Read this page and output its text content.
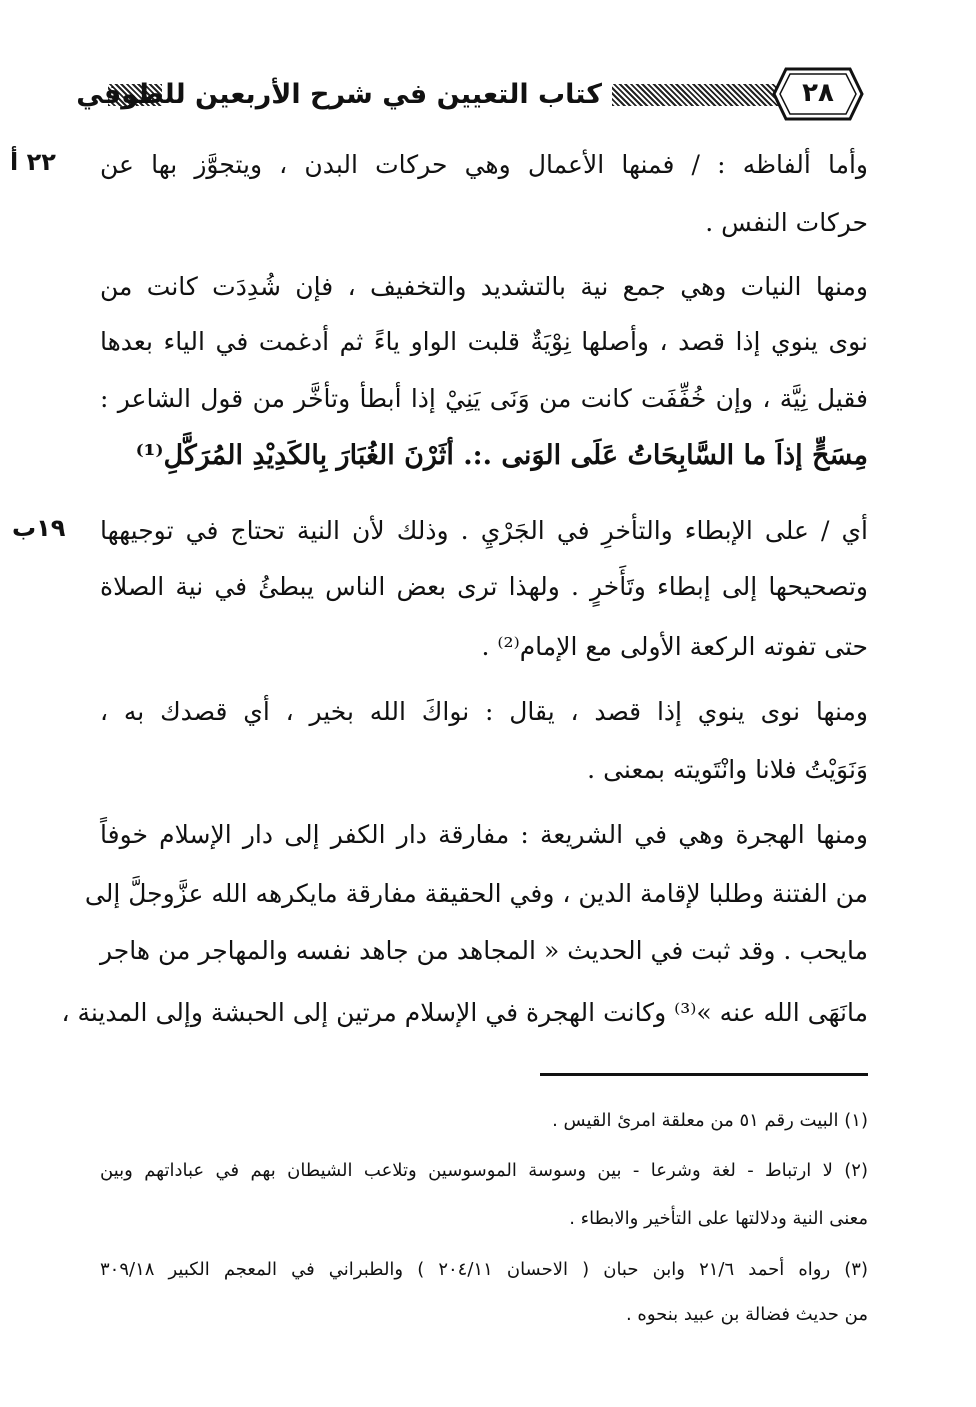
كتاب التعيين في شرح الأربعين للطوفي	٢٨
٢٢ أ
١٩ب
وأما ألفاظه : / فمنها الأعمال وهي حركات البدن ، ويتجوَّز بها عن
حركات النفس .
ومنها النيات وهي جمع نية بالتشديد والتخفيف ، فإن شُدِدَت كانت من
نوى ينوي إذا قصد ، وأصلها نِوْيَةٌ قلبت الواو ياءً ثم أدغمت في الياء بعدها
فقيل نِيَّة ، وإن خُفِّفَت كانت من وَنَى يَنِيْ إذا أبطأ وتأخَّر من قول الشاعر :
مِسَحٍّ إذاَ ما السَّابِحَاتُ عَلَى الوَنى .:. أثَرْنَ الغُبَارَ بِالكَدِيْدِ المُرَكَّلِ⁽¹⁾
أي / على الإبطاء والتأخرِ في الجَرْيِ . وذلك لأن النية تحتاج في توجيهها
وتصحيحها إلى إبطاء وتَأَخرٍ . ولهذا ترى بعض الناس يبطئُ في نية الصلاة
حتى تفوته الركعة الأولى مع الإمام⁽²⁾ .
ومنها نوى ينوي إذا قصد ، يقال : نواكَ الله بخير ، أي قصدك به ،
وَنَوَيْتُ فلانا وانْتَويته بمعنى .
ومنها الهجرة وهي في الشريعة : مفارقة دار الكفر إلى دار الإسلام خوفاً
من الفتنة وطلبا لإقامة الدين ، وفي الحقيقة مفارقة مايكرهه الله عزَّوجلَّ إلى
مايحب . وقد ثبت في الحديث « المجاهد من جاهد نفسه والمهاجر من هاجر
مانَهَى الله عنه »⁽³⁾ وكانت الهجرة في الإسلام مرتين إلى الحبشة وإلى المدينة ،
(١) البيت رقم ٥١ من معلقة امرئ القيس .
(٢) لا ارتباط - لغة وشرعا - بين وسوسة الموسوسين وتلاعب الشيطان بهم في عباداتهم وبين
معنى النية ودلالتها على التأخير والابطاء .
(٣) رواه أحمد ٢١/٦ وابن حبان ( الاحسان ٢٠٤/١١ ) والطبراني في المعجم الكبير ٣٠٩/١٨
من حديث فضالة بن عبيد بنحوه .
